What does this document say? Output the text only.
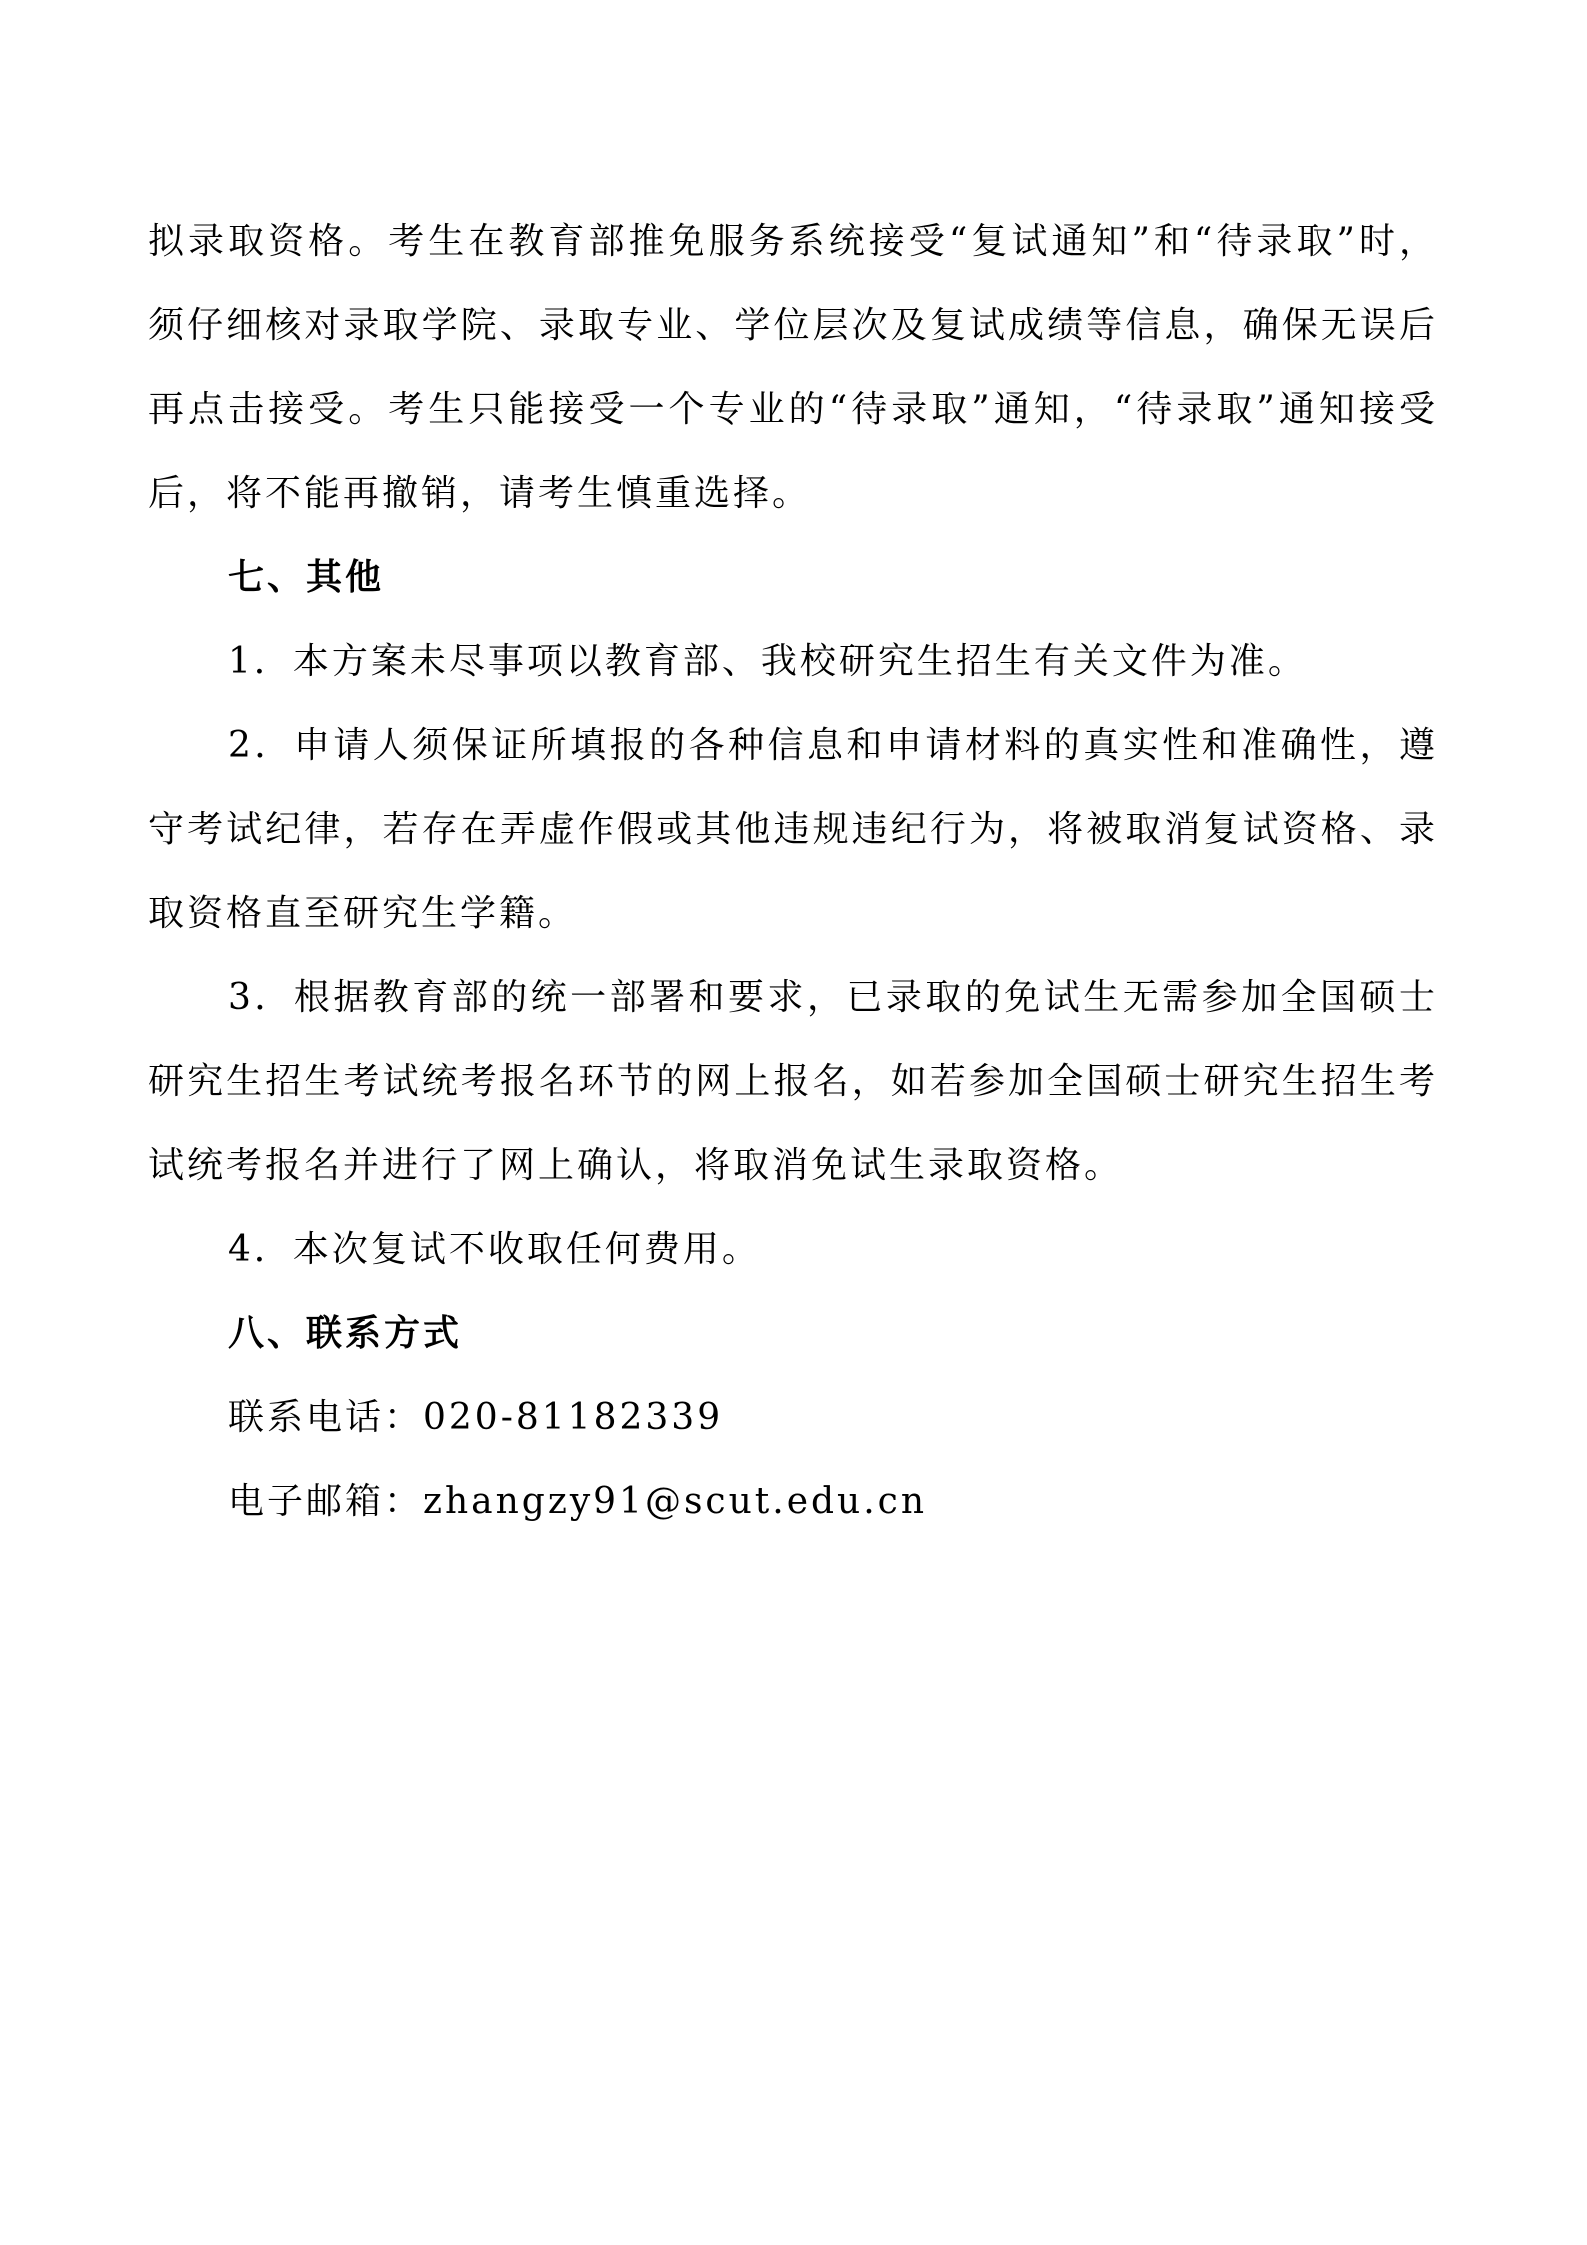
拟录取资格。考生在教育部推免服务系统接受“复试通知”和“待录取”时，须仔细核对录取学院、录取专业、学位层次及复试成绩等信息，确保无误后再点击接受。考生只能接受一个专业的“待录取”通知，“待录取”通知接受后，将不能再撤销，请考生慎重选择。

七、其他

1．本方案未尽事项以教育部、我校研究生招生有关文件为准。

2．申请人须保证所填报的各种信息和申请材料的真实性和准确性，遵守考试纪律，若存在弄虚作假或其他违规违纪行为，将被取消复试资格、录取资格直至研究生学籍。

3．根据教育部的统一部署和要求，已录取的免试生无需参加全国硕士研究生招生考试统考报名环节的网上报名，如若参加全国硕士研究生招生考试统考报名并进行了网上确认，将取消免试生录取资格。

4．本次复试不收取任何费用。

八、联系方式

联系电话：020-81182339

电子邮箱：zhangzy91@scut.edu.cn
